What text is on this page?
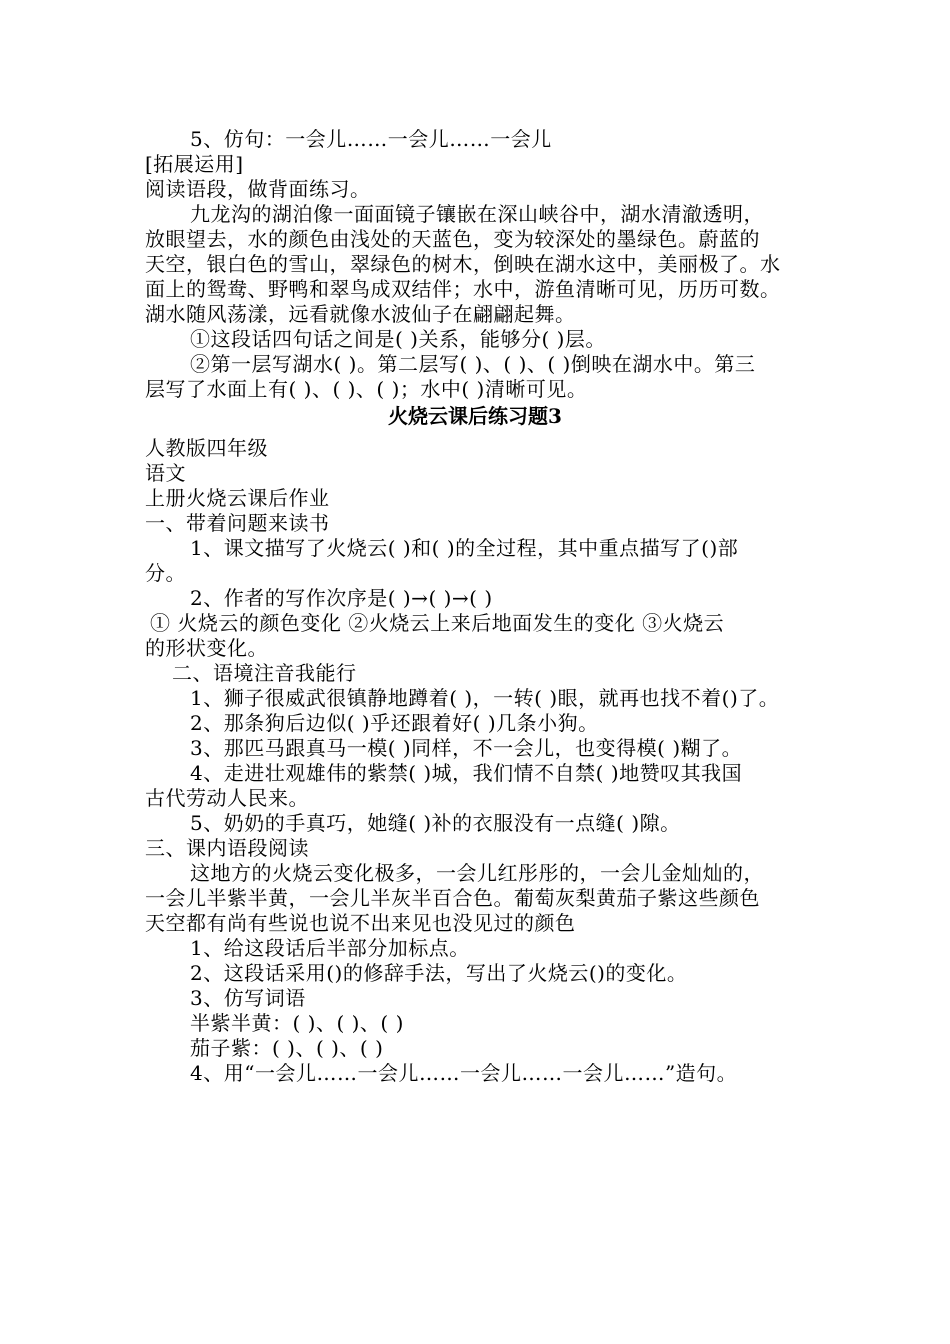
5、仿句：一会儿……一会儿……一会儿
[拓展运用]
阅读语段，做背面练习。
九龙沟的湖泊像一面面镜子镶嵌在深山峡谷中，湖水清澈透明，
放眼望去，水的颜色由浅处的天蓝色，变为较深处的墨绿色。蔚蓝的
天空，银白色的雪山，翠绿色的树木，倒映在湖水这中，美丽极了。水
面上的鸳鸯、野鸭和翠鸟成双结伴；水中，游鱼清晰可见，历历可数。
湖水随风荡漾，远看就像水波仙子在翩翩起舞。
①这段话四句话之间是( )关系，能够分( )层。
②第一层写湖水( )。第二层写( )、( )、( )倒映在湖水中。第三
层写了水面上有( )、( )、( )；水中( )清晰可见。
火烧云课后练习题3
人教版四年级
语文
上册火烧云课后作业
一、带着问题来读书
1、课文描写了火烧云( )和( )的全过程，其中重点描写了()部
分。
2、作者的写作次序是( )→( )→( )
① 火烧云的颜色变化 ②火烧云上来后地面发生的变化 ③火烧云
的形状变化。
二、语境注音我能行
1、狮子很威武很镇静地蹲着( )，一转( )眼，就再也找不着()了。
2、那条狗后边似( )乎还跟着好( )几条小狗。
3、那匹马跟真马一模( )同样，不一会儿，也变得模( )糊了。
4、走进壮观雄伟的紫禁( )城，我们情不自禁( )地赞叹其我国
古代劳动人民来。
5、奶奶的手真巧，她缝( )补的衣服没有一点缝( )隙。
三、课内语段阅读
这地方的火烧云变化极多，一会儿红彤彤的，一会儿金灿灿的，
一会儿半紫半黄，一会儿半灰半百合色。葡萄灰梨黄茄子紫这些颜色
天空都有尚有些说也说不出来见也没见过的颜色
1、给这段话后半部分加标点。
2、这段话采用()的修辞手法，写出了火烧云()的变化。
3、仿写词语
半紫半黄：( )、( )、( )
茄子紫：( )、( )、( )
4、用“一会儿……一会儿……一会儿……一会儿……”造句。
